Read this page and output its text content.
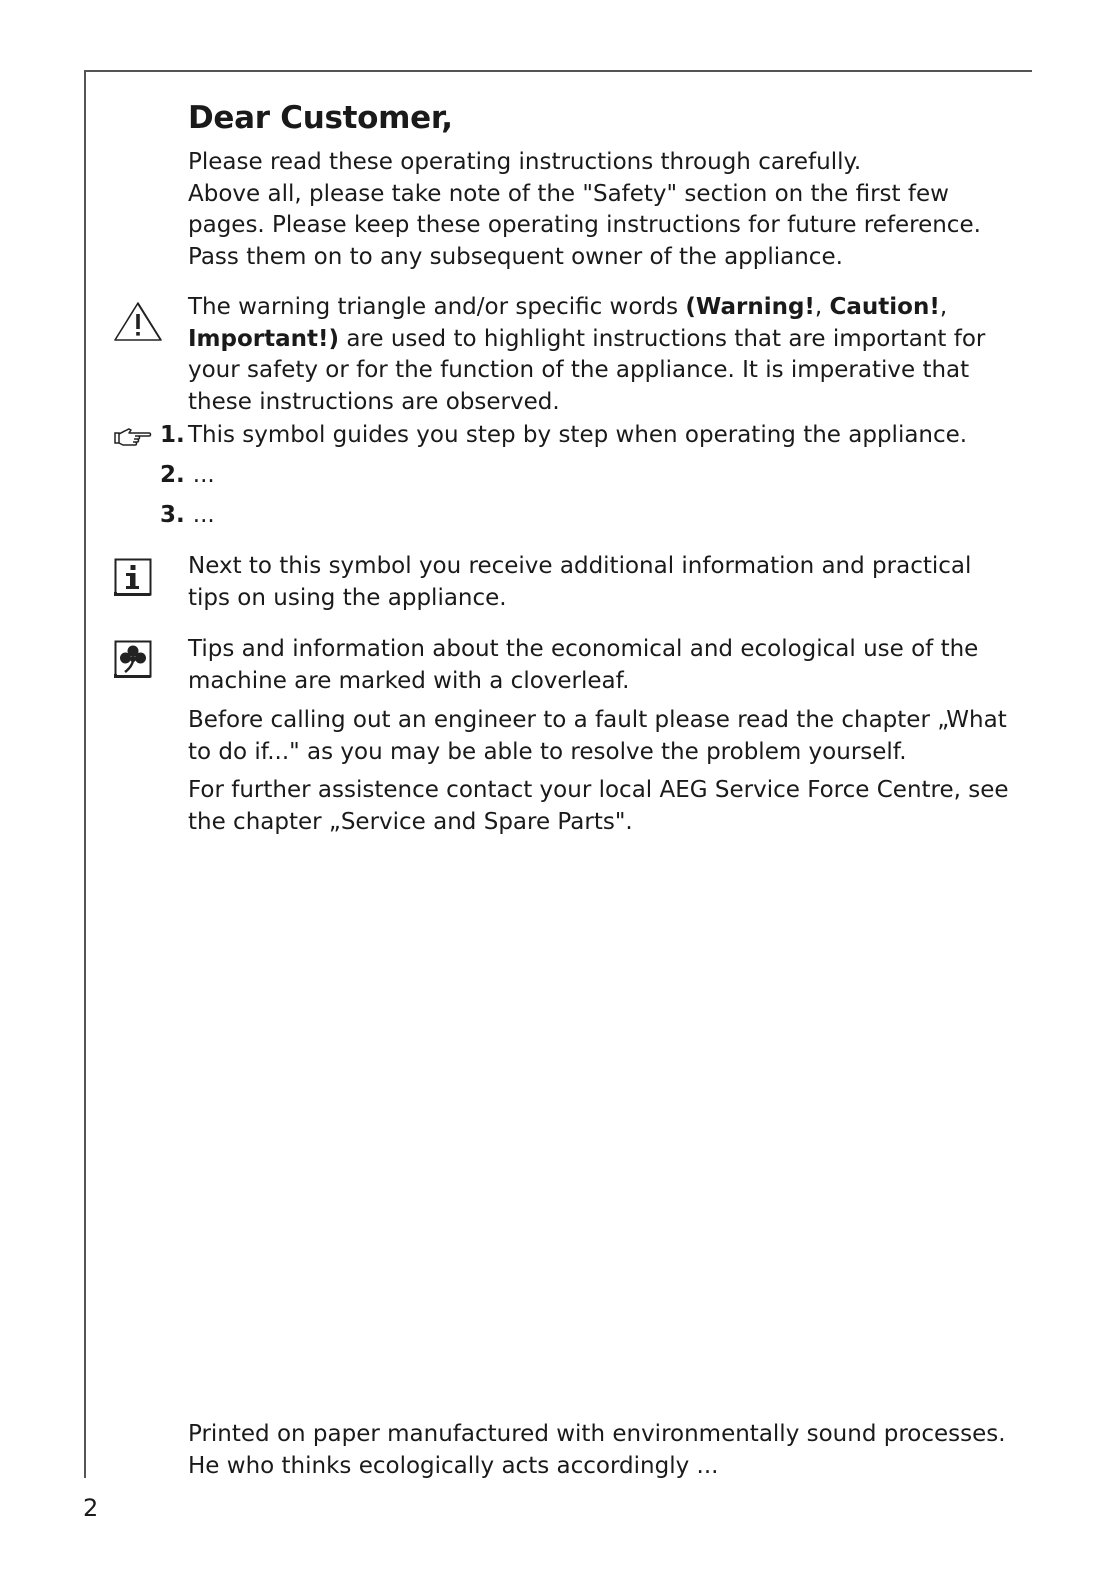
Dear Customer,
Please read these operating instructions through carefully.
Above all, please take note of the "Safety" section on the first few
pages. Please keep these operating instructions for future reference.
Pass them on to any subsequent owner of the appliance.
The warning triangle and/or specific words (Warning!, Caution!,
Important!) are used to highlight instructions that are important for
your safety or for the function of the appliance. It is imperative that
these instructions are observed.
1. This symbol guides you step by step when operating the appliance.
2. ...
3. ...
Next to this symbol you receive additional information and practical
tips on using the appliance.
Tips and information about the economical and ecological use of the
machine are marked with a cloverleaf.
Before calling out an engineer to a fault please read the chapter „What
to do if..." as you may be able to resolve the problem yourself.
For further assistence contact your local AEG Service Force Centre, see
the chapter „Service and Spare Parts".
Printed on paper manufactured with environmentally sound processes.
He who thinks ecologically acts accordingly ...
2
